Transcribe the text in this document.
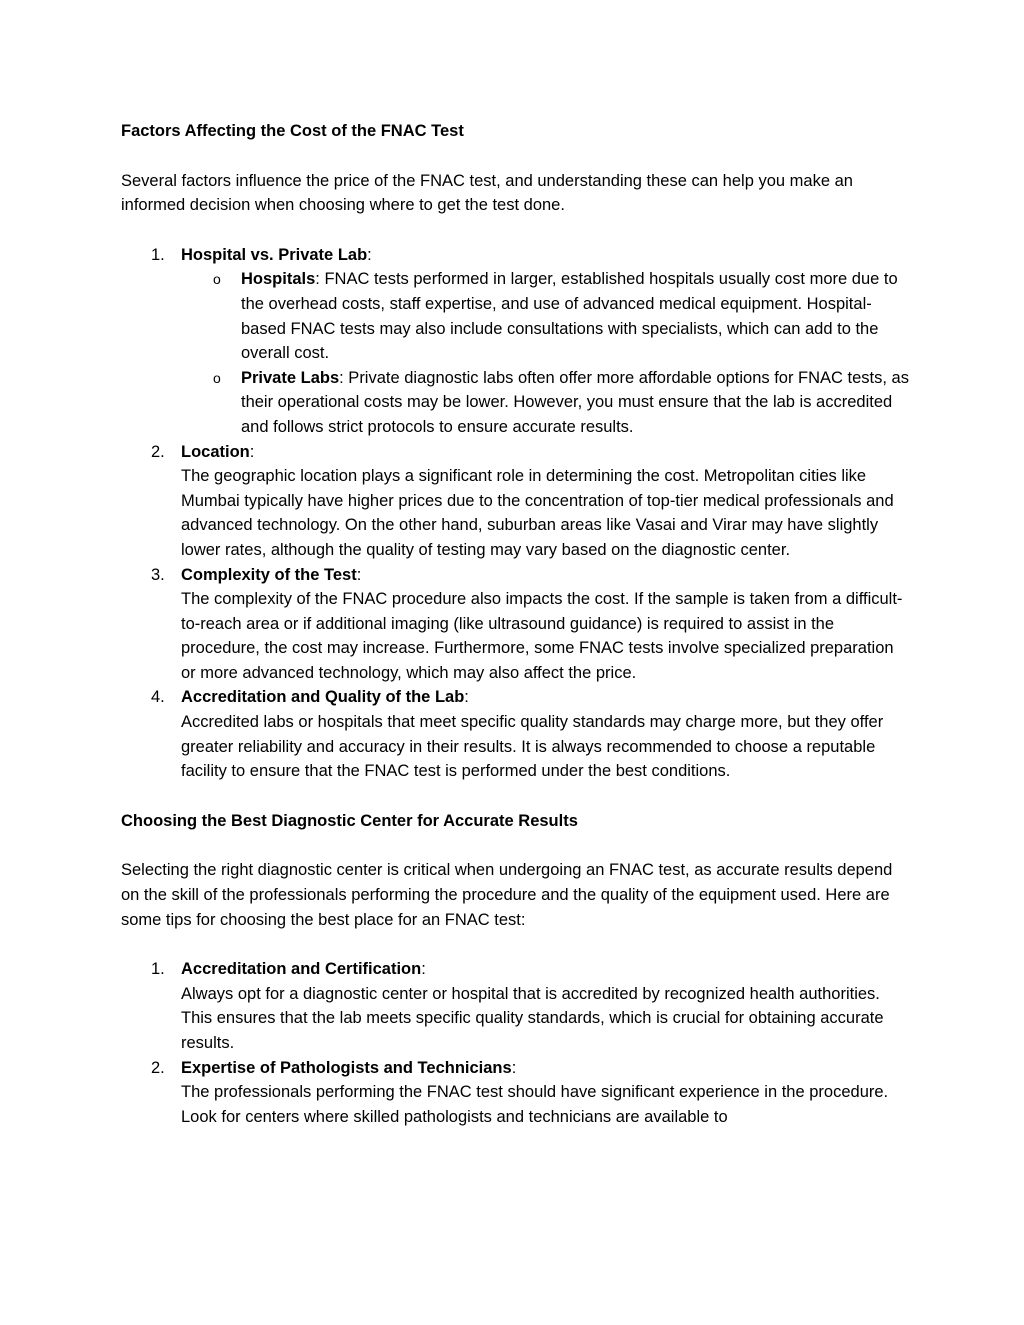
Factors Affecting the Cost of the FNAC Test

Several factors influence the price of the FNAC test, and understanding these can help you make an informed decision when choosing where to get the test done.

1. Hospital vs. Private Lab:
o Hospitals: FNAC tests performed in larger, established hospitals usually cost more due to the overhead costs, staff expertise, and use of advanced medical equipment. Hospital-based FNAC tests may also include consultations with specialists, which can add to the overall cost.
o Private Labs: Private diagnostic labs often offer more affordable options for FNAC tests, as their operational costs may be lower. However, you must ensure that the lab is accredited and follows strict protocols to ensure accurate results.
2. Location:
The geographic location plays a significant role in determining the cost. Metropolitan cities like Mumbai typically have higher prices due to the concentration of top-tier medical professionals and advanced technology. On the other hand, suburban areas like Vasai and Virar may have slightly lower rates, although the quality of testing may vary based on the diagnostic center.
3. Complexity of the Test:
The complexity of the FNAC procedure also impacts the cost. If the sample is taken from a difficult-to-reach area or if additional imaging (like ultrasound guidance) is required to assist in the procedure, the cost may increase. Furthermore, some FNAC tests involve specialized preparation or more advanced technology, which may also affect the price.
4. Accreditation and Quality of the Lab:
Accredited labs or hospitals that meet specific quality standards may charge more, but they offer greater reliability and accuracy in their results. It is always recommended to choose a reputable facility to ensure that the FNAC test is performed under the best conditions.

Choosing the Best Diagnostic Center for Accurate Results

Selecting the right diagnostic center is critical when undergoing an FNAC test, as accurate results depend on the skill of the professionals performing the procedure and the quality of the equipment used. Here are some tips for choosing the best place for an FNAC test:

1. Accreditation and Certification:
Always opt for a diagnostic center or hospital that is accredited by recognized health authorities. This ensures that the lab meets specific quality standards, which is crucial for obtaining accurate results.
2. Expertise of Pathologists and Technicians:
The professionals performing the FNAC test should have significant experience in the procedure. Look for centers where skilled pathologists and technicians are available to
